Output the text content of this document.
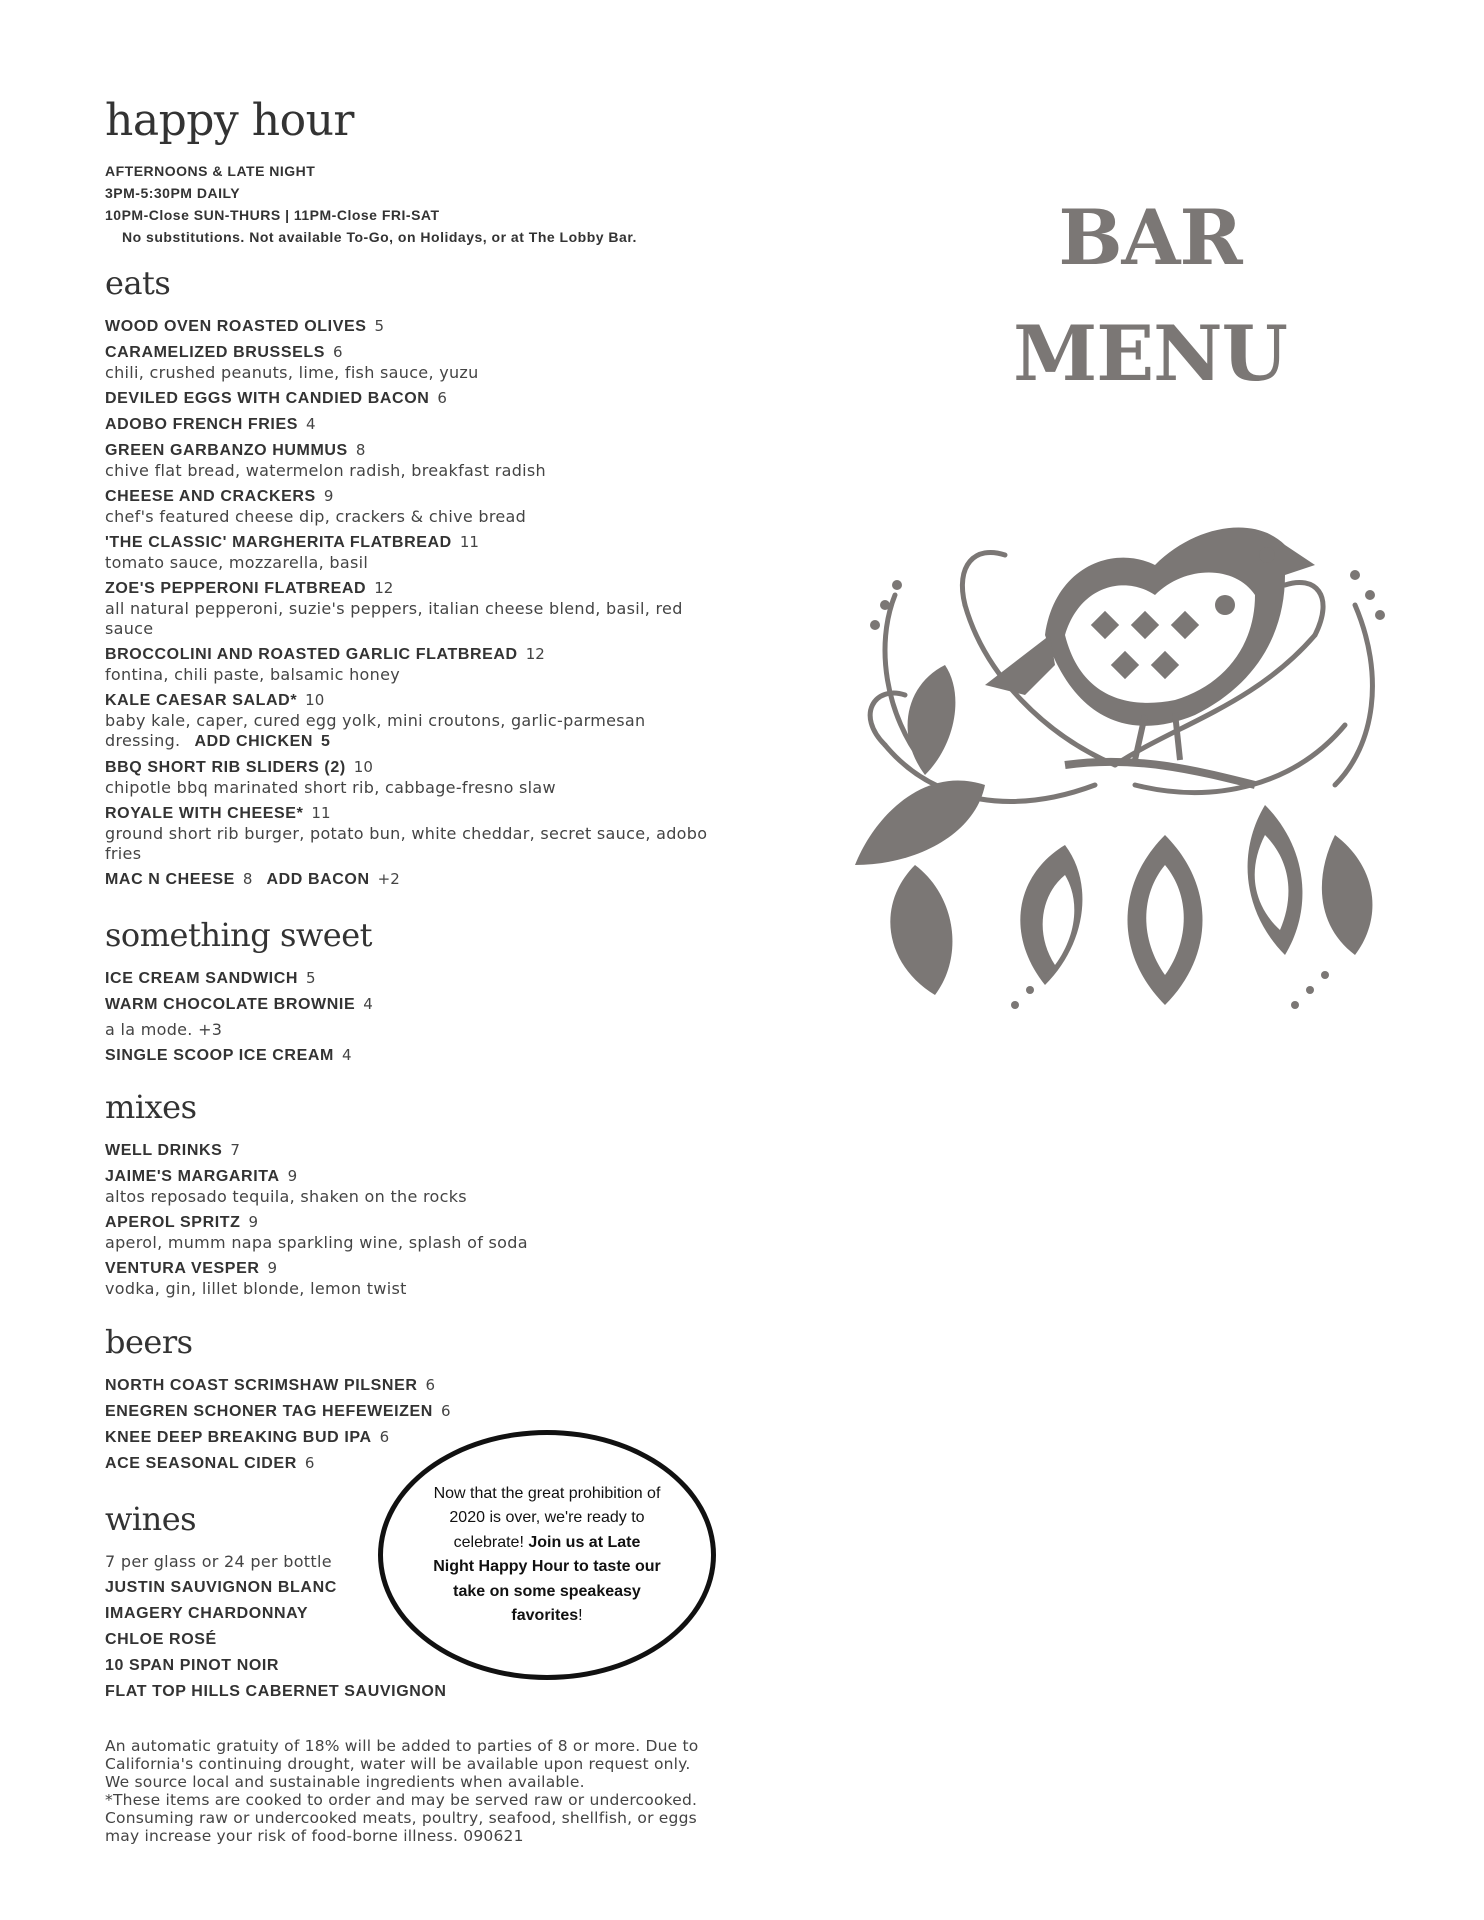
happy hour
AFTERNOONS & LATE NIGHT
3PM-5:30PM DAILY
10PM-Close SUN-THURS | 11PM-Close FRI-SAT
No substitutions. Not available To-Go, on Holidays, or at The Lobby Bar.
eats
WOOD OVEN ROASTED OLIVES 5
CARAMELIZED BRUSSELS 6
chili, crushed peanuts, lime, fish sauce, yuzu
DEVILED EGGS WITH CANDIED BACON 6
ADOBO FRENCH FRIES 4
GREEN GARBANZO HUMMUS 8
chive flat bread, watermelon radish, breakfast radish
CHEESE AND CRACKERS 9
chef's featured cheese dip, crackers & chive bread
'THE CLASSIC' MARGHERITA FLATBREAD 11
tomato sauce, mozzarella, basil
ZOE'S PEPPERONI FLATBREAD 12
all natural pepperoni, suzie's peppers, italian cheese blend, basil, red sauce
BROCCOLINI AND ROASTED GARLIC FLATBREAD 12
fontina, chili paste, balsamic honey
KALE CAESAR SALAD* 10
baby kale, caper, cured egg yolk, mini croutons, garlic-parmesan dressing. ADD CHICKEN 5
BBQ SHORT RIB SLIDERS (2) 10
chipotle bbq marinated short rib, cabbage-fresno slaw
ROYALE WITH CHEESE* 11
ground short rib burger, potato bun, white cheddar, secret sauce, adobo fries
MAC N CHEESE 8 ADD BACON +2
something sweet
ICE CREAM SANDWICH 5
WARM CHOCOLATE BROWNIE 4
a la mode. +3
SINGLE SCOOP ICE CREAM 4
mixes
WELL DRINKS 7
JAIME'S MARGARITA 9
altos reposado tequila, shaken on the rocks
APEROL SPRITZ 9
aperol, mumm napa sparkling wine, splash of soda
VENTURA VESPER 9
vodka, gin, lillet blonde, lemon twist
beers
NORTH COAST SCRIMSHAW PILSNER 6
ENEGREN SCHONER TAG HEFEWEIZEN 6
KNEE DEEP BREAKING BUD IPA 6
ACE SEASONAL CIDER 6
wines
7 per glass or 24 per bottle
JUSTIN SAUVIGNON BLANC
IMAGERY CHARDONNAY
CHLOE ROSÉ
10 SPAN PINOT NOIR
FLAT TOP HILLS CABERNET SAUVIGNON
Now that the great prohibition of 2020 is over, we're ready to celebrate! Join us at Late Night Happy Hour to taste our take on some speakeasy favorites!

An automatic gratuity of 18% will be added to parties of 8 or more. Due to California's continuing drought, water will be available upon request only. We source local and sustainable ingredients when available.

*These items are cooked to order and may be served raw or undercooked. Consuming raw or undercooked meats, poultry, seafood, shellfish, or eggs may increase your risk of food-borne illness. 090621

BAR
MENU
